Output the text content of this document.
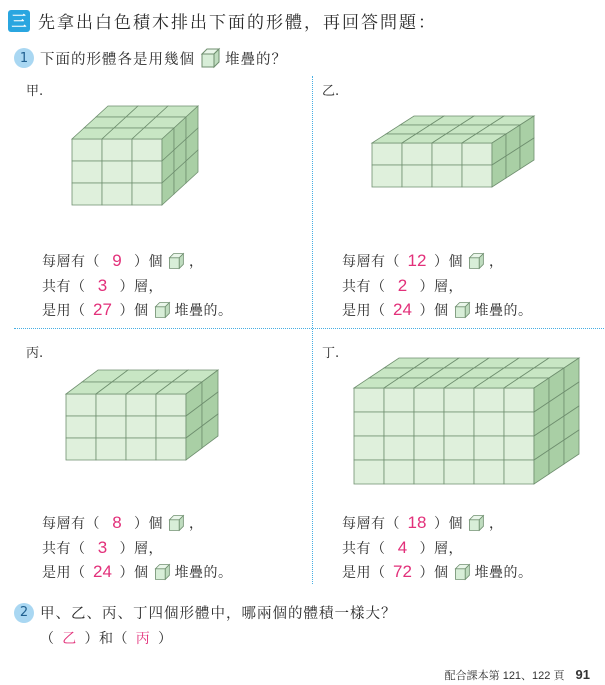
三 先拿出白色積木排出下面的形體，再回答問題：
1 下面的形體各是用幾個 堆疊的？
甲.	乙.
丙.	丁.
每層有（ 9 ）個 ，
共有（ 3 ）層，
是用（ 27 ）個 堆疊的。
每層有（ 12 ）個 ，
共有（ 2 ）層，
是用（ 24 ）個 堆疊的。
每層有（ 8 ）個 ，
共有（ 3 ）層，
是用（ 24 ）個 堆疊的。
每層有（ 18 ）個 ，
共有（ 4 ）層，
是用（ 72 ）個 堆疊的。
2 甲、乙、丙、丁四個形體中，哪兩個的體積一樣大？
（ 乙 ）和（ 丙 ）
配合課本第 121、122 頁 91
